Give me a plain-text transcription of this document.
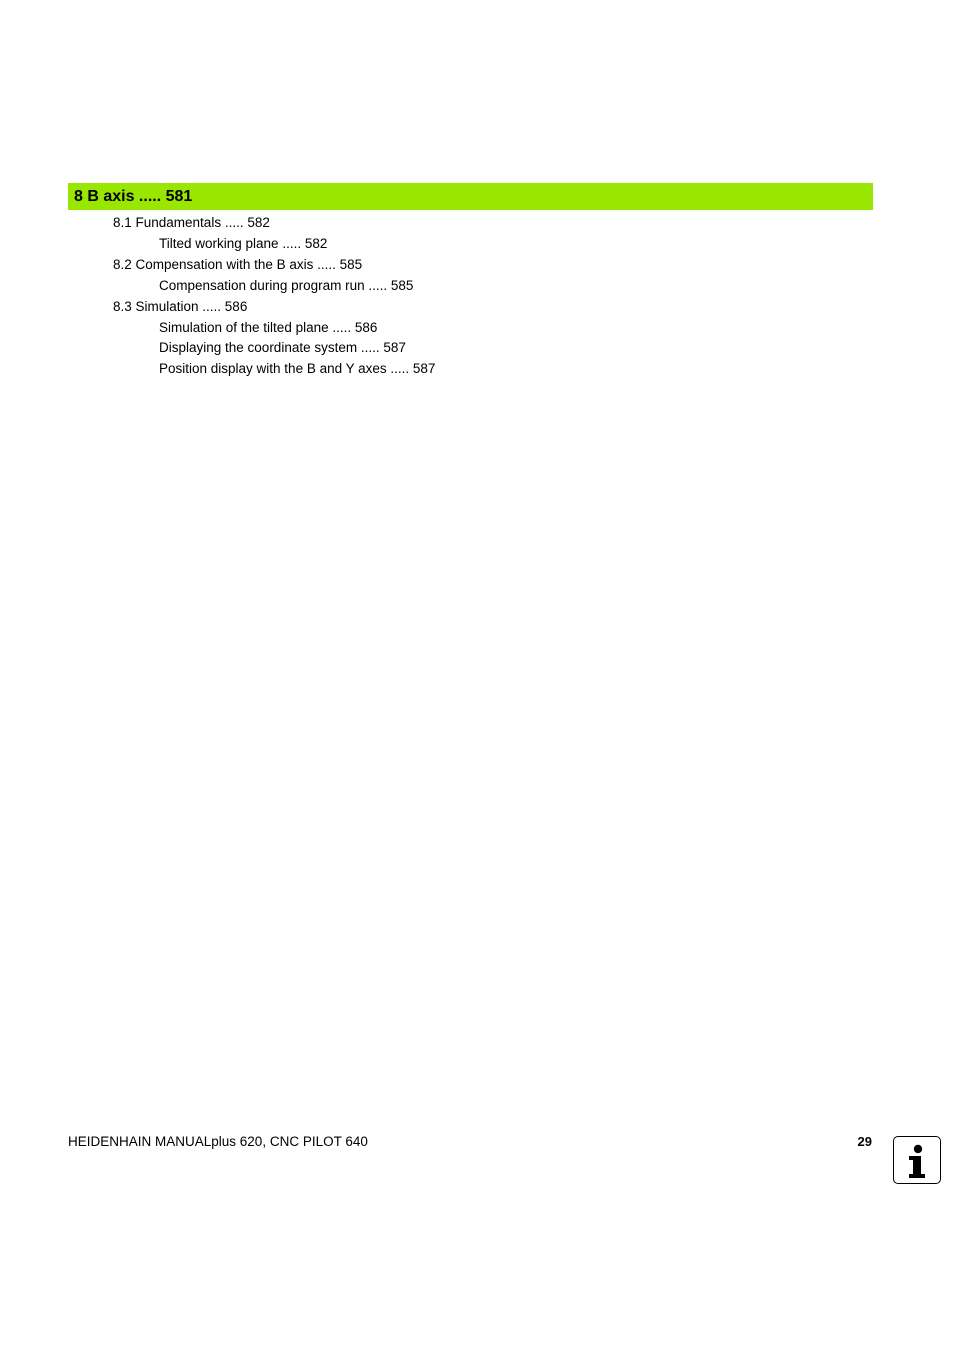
8 B axis ..... 581
8.1 Fundamentals ..... 582
Tilted working plane ..... 582
8.2 Compensation with the B axis ..... 585
Compensation during program run ..... 585
8.3 Simulation ..... 586
Simulation of the tilted plane ..... 586
Displaying the coordinate system ..... 587
Position display with the B and Y axes ..... 587
HEIDENHAIN MANUALplus 620, CNC PILOT 640	29
